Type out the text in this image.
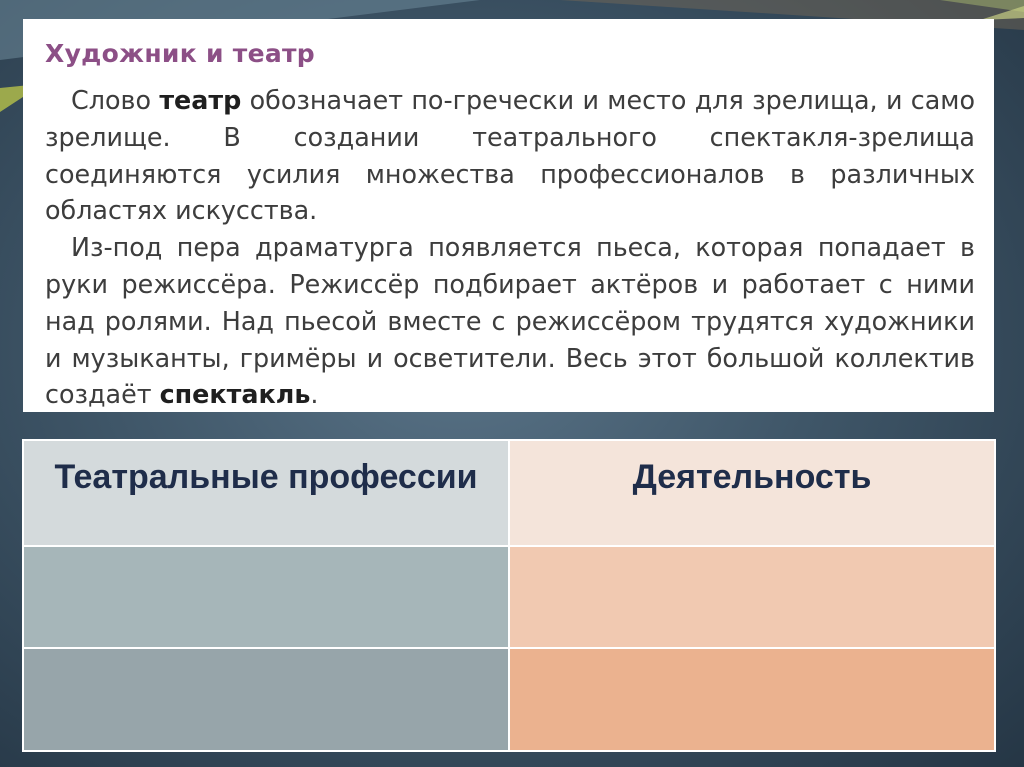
Художник и театр

Слово театр обозначает по-гречески и место для зрелища, и само зрелище. В создании театрального спектакля-зрелища соединяются усилия множества профессионалов в различных областях искусства.

Из-под пера драматурга появляется пьеса, которая попадает в руки режиссёра. Режиссёр подбирает актёров и работает с ними над ролями. Над пьесой вместе с режиссёром трудятся художники и музыканты, гримёры и осветители. Весь этот большой коллектив создаёт спектакль.

Театральные профессии	Деятельность
